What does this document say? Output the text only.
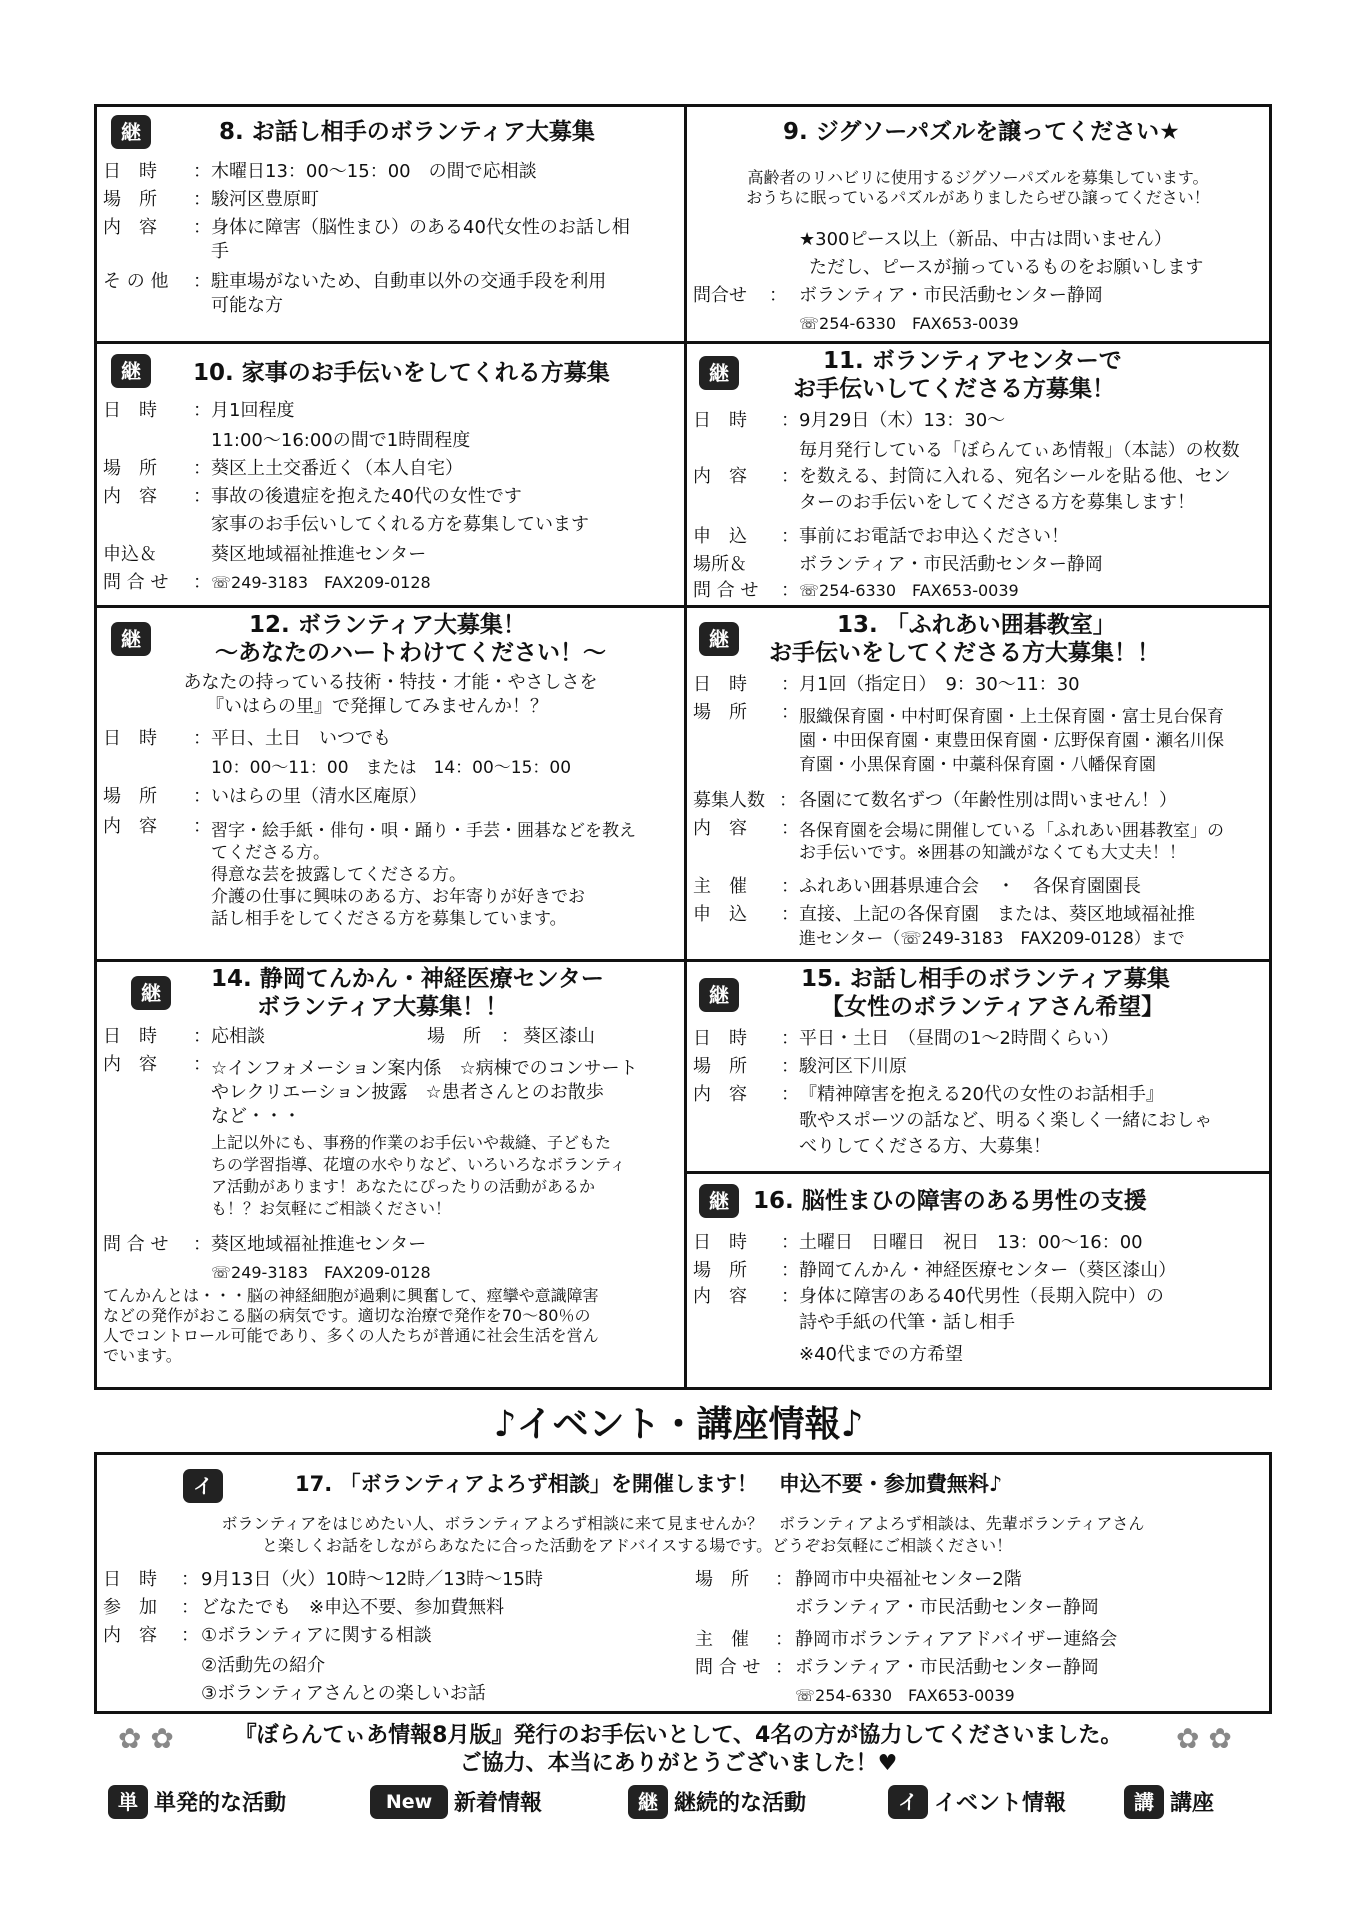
継	8. お話し相手のボランティア大募集
日　時 ： 木曜日13：00～15：00　の間で応相談
場　所 ： 駿河区豊原町
内　容 ： 身体に障害（脳性まひ）のある40代女性のお話し相
手
そ の 他 ： 駐車場がないため、自動車以外の交通手段を利用
可能な方
9. ジグソーパズルを譲ってください★
高齢者のリハビリに使用するジグソーパズルを募集しています。
おうちに眠っているパズルがありましたらぜひ譲ってください！
★300ピース以上（新品、中古は問いません）
ただし、ピースが揃っているものをお願いします
問合せ ： ボランティア・市民活動センター静岡
☏254-6330　FAX653-0039
継	10. 家事のお手伝いをしてくれる方募集
日　時 ： 月1回程度
11:00～16:00の間で1時間程度
場　所 ： 葵区上土交番近く（本人自宅）
内　容 ： 事故の後遺症を抱えた40代の女性です
家事のお手伝いしてくれる方を募集しています
申込＆	葵区地域福祉推進センター
問 合 せ ： ☏249-3183　FAX209-0128
継	11. ボランティアセンターで
お手伝いしてくださる方募集！
日　時 ： 9月29日（木）13：30～
毎月発行している「ぼらんてぃあ情報」（本誌）の枚数
内　容 ： を数える、封筒に入れる、宛名シールを貼る他、セン
ターのお手伝いをしてくださる方を募集します！
申　込 ： 事前にお電話でお申込ください！
場所＆	ボランティア・市民活動センター静岡
問 合 せ ： ☏254-6330　FAX653-0039
継
12. ボランティア大募集！
～あなたのハートわけてください！～
あなたの持っている技術・特技・才能・やさしさを
『いはらの里』で発揮してみませんか！？
日　時 ： 平日、土日　いつでも
10：00～11：00　または　14：00～15：00
場　所 ： いはらの里（清水区庵原）
内　容 ： 習字・絵手紙・俳句・唄・踊り・手芸・囲碁などを教え
てくださる方。
得意な芸を披露してくださる方。
介護の仕事に興味のある方、お年寄りが好きでお
話し相手をしてくださる方を募集しています。
継
13. 「ふれあい囲碁教室」
お手伝いをしてくださる方大募集！！
日　時 ： 月1回（指定日）　9：30～11：30
場　所 ： 服織保育園・中村町保育園・上土保育園・富士見台保育
園・中田保育園・東豊田保育園・広野保育園・瀬名川保
育園・小黒保育園・中藁科保育園・八幡保育園
募集人数 ： 各園にて数名ずつ（年齢性別は問いません！）
内　容 ： 各保育園を会場に開催している「ふれあい囲碁教室」の
お手伝いです。※囲碁の知識がなくても大丈夫！！
主　催 ： ふれあい囲碁県連合会　・　各保育園園長
申　込 ： 直接、上記の各保育園　または、葵区地域福祉推
進センター（☏249-3183　FAX209-0128）まで
継
14. 静岡てんかん・神経医療センター
ボランティア大募集！！
日　時 ： 応相談	場　所 ： 葵区漆山
内　容 ： ☆インフォメーション案内係　☆病棟でのコンサート
やレクリエーション披露　☆患者さんとのお散歩
など・・・
上記以外にも、事務的作業のお手伝いや裁縫、子どもた
ちの学習指導、花壇の水やりなど、いろいろなボランティ
ア活動があります！あなたにぴったりの活動があるか
も！？お気軽にご相談ください！
問 合 せ ： 葵区地域福祉推進センター
☏249-3183　FAX209-0128
てんかんとは・・・脳の神経細胞が過剰に興奮して、痙攣や意識障害
などの発作がおこる脳の病気です。適切な治療で発作を70～80％の
人でコントロール可能であり、多くの人たちが普通に社会生活を営ん
でいます。
継
15. お話し相手のボランティア募集
【女性のボランティアさん希望】
日　時 ： 平日・土日　（昼間の1～2時間くらい）
場　所 ： 駿河区下川原
内　容 ： 『精神障害を抱える20代の女性のお話相手』
歌やスポーツの話など、明るく楽しく一緒におしゃ
べりしてくださる方、大募集！
継	16. 脳性まひの障害のある男性の支援
日　時 ： 土曜日　日曜日　祝日　13：00～16：00
場　所 ： 静岡てんかん・神経医療センター（葵区漆山）
内　容 ： 身体に障害のある40代男性（長期入院中）の
詩や手紙の代筆・話し相手
※40代までの方希望
♪イベント・講座情報♪
イ	17. 「ボランティアよろず相談」を開催します！　申込不要・参加費無料♪
ボランティアをはじめたい人、ボランティアよろず相談に来て見ませんか？　ボランティアよろず相談は、先輩ボランティアさん
と楽しくお話をしながらあなたに合った活動をアドバイスする場です。どうぞお気軽にご相談ください！
日　時 ： 9月13日（火）10時～12時／13時～15時
参　加 ： どなたでも　※申込不要、参加費無料
内　容 ： ①ボランティアに関する相談
②活動先の紹介
③ボランティアさんとの楽しいお話
場　所 ： 静岡市中央福祉センター2階
ボランティア・市民活動センター静岡
主　催 ： 静岡市ボランティアアドバイザー連絡会
問 合 せ ： ボランティア・市民活動センター静岡
☏254-6330　FAX653-0039
✿ ✿	✿ ✿
『ぼらんてぃあ情報8月版』発行のお手伝いとして、4名の方が協力してくださいました。
ご協力、本当にありがとうございました！♥
単 単発的な活動	New 新着情報	継 継続的な活動	イ イベント情報	講 講座
